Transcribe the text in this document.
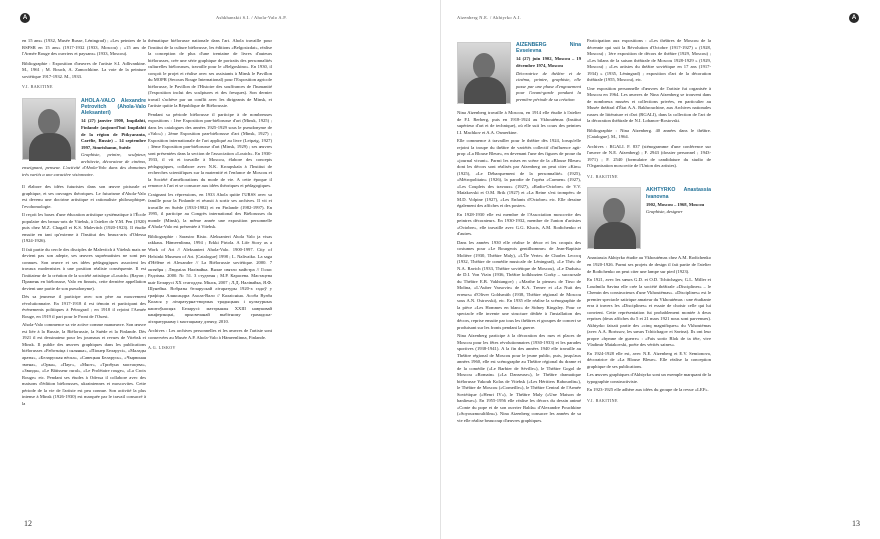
A	Ashkhanskii S.I. / Ahola-Valo A.P.

en 15 ans» (1932, Musée Russe, Léningrad) ; «Les peintres de la RSFSR en 15 ans» (1917-1932 (1933, Moscou) ; «15 ans de l'Armée Rouge des ouvriers et paysans» (1933, Moscou).

Bibliographie : Exposition d'œuvres de l'artiste S.I. Adlivankine. M., 1961 ; M. Bouch, A. Zamochkine. La voie de la peinture soviétique 1917-1932. M., 1933.

V.I. RAKITINE
AHOLA-VALO Alexandre Petrovitch (Ahola-Valo Aleksanteri)
14 (27) janvier 1900, Impilahti, Finlande (aujourd'hui Impilahti de la région de Pitkyaranta, Carélie, Russie) – 14 septembre 1997, Simrishamn, Suède
Graphiste, peintre, sculpteur, architecte, décorateur de cinéma, enseignant, penseur. L'activité d'Ahola-Valo dans des domaines très variés a une caractère visionnaire.

Il élabore des idées futuristes dans son œuvre picturale et graphique, et ses ouvrages théoriques. Le futurisme d'Ahola-Valo est devenu une doctrine artistique et rationaliste philosophique, l'evohomologie.

Il reçoit les bases d'une éducation artistique systématique à l'École populaire des beaux-arts de Vitebsk, à l'atelier de Y.M. Pen (1920) puis chez M.Z. Chagall et K.S. Malevitch (1920-1923). Il étudie ensuite en tant qu'externe à l'Institut des beaux-arts d'Odessa (1924-1926).

Il fait partie du cercle des disciples de Malevitch à Vitebsk mais ne devient pas son adepte, ses œuvres suprématistes ne sont pas connues. Son œuvre et ses idées pédagogiques associent les travaux modernistes à une position réaliste conséquente. Il est l'initiateur de la création de la société artistique «Loutch» (Rayon ; Прамень en biélorusse, Valo en finnois, cette dernière appellation devient une partie de son pseudonyme).

Dès sa jeunesse il participe avec son père au mouvement révolutionnaire. En 1917-1918 il est témoin et participant des événements politiques à Pétrograd ; en 1918 il rejoint l'Armée Rouge, en 1919 il part pour le Front de l'Ouest.

Ahola-Valo commence sa vie active comme manœuvre. Son œuvre est liée à la Russie, la Biélorussie, la Suède et la Finlande. Dès 1921 il est dessinateur pour les journaux et revues de Vitebsk et Minsk. Il publie des œuvres graphiques dans les publications biélorusses «Работніца і сялянка», «Піонер Беларусі», «Малады араты», «Беларуская вёска», «Савецкая Беларусь», «Чырвоная змена», «Орка», «Пауг», «Мяот», «Трибуна мастацтва», «Звязда», «Le Bâtisseur rural», «Le Prolétaire rouge», «La Croix Rouge» etc. Pendant ses études à Odessa il collabore avec des maisons d'édition biélorusses, ukrainiennes et moscovites. Cette période de la vie de l'artiste est peu connue. Son activité la plus intense à Minsk (1926-1930) est marquée par le travail consacré à la

thématique biélorusse nationale dans l'art. Ahola travaille pour l'institut de la culture biélorusse, les éditions «Belgosizdat», réalise la conception de plus d'une trentaine de livres d'auteurs biélorusses, crée une série graphique de portraits des personnalités culturelles biélorusses, travaille pour le «Belgoskino». En 1930, il conçoit le projet et réalise avec ses assistants à Minsk le Pavillon du MOPR (Secours Rouge International) pour l'Exposition agricole biélorusse, le Pavillon de l'Histoire des souffrances de l'humanité (l'exposition inclut des sculptures et des fresques). Son dernier travail s'achève par un conflit avec les dirigeants de Minsk, et l'artiste quitte la République de Biélorussie.

Pendant sa période biélorusse il participe à de nombreuses expositions : 1ère Exposition pan-biélorusse d'art (Minsk, 1925) ; dans les catalogues des années 1925-1929 sous le pseudonyme de «Valo») ; 2ème Exposition pan-biélorusse d'art (Minsk, 1927) ; Exposition internationale de l'art appliqué au livre (Leipzig, 1927) ; 3ème Exposition pan-biélorusse d'art (Minsk, 1929) ; ses œuvres sont présentées dans la section de l'association «Loutch». En 1930-1933, il vit et travaille à Moscou, élabore des concepts pédagogiques, collabore avec N.K. Kroupskaïa à l'Institut de recherches scientifiques sur la maternité et l'enfance de Moscou et la Société d'améliorations du mode de vie. A cette époque il renonce à l'art et se consacre aux idées théoriques et pédagogiques.

Craignant les répressions, en 1933 Ahola quitte l'URSS avec sa famille pour la Finlande et réussit à sortir ses archives. Il vit et travaille en Suède (1933-1982) et en Finlande (1982-1997). En 1995, il participe au Congrès international des Biélorusses du monde (Minsk), la même année une exposition personnelle d'Ahola-Valo est présentée à Vitebsk.

Bibliographie : Sarastro Risto. Aleksanteri Ahola Valo ja visas rakkaus. Hämeenlinna, 1994 ; Erkki Pirtola. A Life Story as a Work of Art // Aleksanteri Ahola-Valo. 1900-1997. City of Helsinki Museum of Art. [Catalogue] 1998 ; L. Nalivaiko. La saga d'Hélène et Alexandre // La Biélorussie soviétique. 2000. 7 октября ; Людміла Налівайка. Вялае святло майстра // Голас Радзімы. 2000. № 51. 3 студзеня ; М.Р. Карасева. Мастацтва кніг Беларусі XX стагоддзя. Мінск, 2007 ; Л.Д. Налівайка, Я.Ф. Шунейка. Вобразы беларускай літаратуры 1920-х гадоў у графіцы Аляксандра Ахола-Вало // Калаісніна. Асоба Вуаба Колася у літаратурна-творчых традыцыях і культурных каштоўнасцях Беларусі: матэрыялы XXIII навуковай канферэнцыі, прысвечанай выбітному грамадска-літаратурнаму і мастацкаму дзеячу, 2010.

Archives : Les archives personnelles et les œuvres de l'artiste sont conservées au Musée A.P. Ahola-Valo à Hämeenlinna, Finlande.

A.G. LISKOV
12
Aïzenberg N.E. / Akhtyrko A.I.	A
AÏZENBERG Nina Evseievna
14 (27) juin 1902, Moscou – 19 décembre 1974, Moscou
Décoratrice de théâtre et de cinéma, peintre, graphiste, elle passe par une phase d'engouement pour l'avant-garde pendant la première période de sa création

Nina Aïzenberg travaille à Moscou, en 1914 elle étudie à l'atelier de F.I. Rerberg, puis en 1918-1924 au Vkhoutémas (Institut supérieur d'art et de technique), où elle suit les cours des peintres I.I. Machkov et A.A. Osmerkine.

Elle commence à travailler pour le théâtre dès 1924, lorsqu'elle rejoint la troupe du théâtre de variétés collectif d'influence agit-prop «La Blouse Bleue», en devenant l'une des figures de proue du «journal vivant». Parmi les mises en scène de la «Blouse Bleue» dont les décors sont réalisés par Aïzenberg on peut citer «Kim» (1925), «Le Débarquement de la personnalité» (1925), «Métropolitain» (1926), la parodie de l'opéra «Carmen» (1927), «Les Couplets des travaux» (1927), «Radio-Octobre» de V.V. Maïakovski et O.M. Brik (1927) et «La Reine s'est trompée» de M.D. Volpine (1927), «Les Enfants d'Octobre» etc. Elle dessine également des affiches et des posters.

En 1928-1930 elle est membre de l'Association moscovite des peintres décorateurs. En 1930-1932, membre de l'union d'artistes «Octobre», elle travaille avec G.G. Klucis, A.M. Rodtchenko et d'autres.

Dans les années 1930 elle réalise le décor et les croquis des costumes pour «Le Bourgeois gentilhomme» de Jean-Baptiste Molière (1930, Théâtre Maly), «L'Île Verte» de Charles Lecocq (1932, Théâtre de comédie musicale de Léningrad), «Le Thé» de N.A. Ravich (1933, Théâtre soviétique de Moscou), «Le Duduis» de D.I. Von Vizin (1936, Théâtre kolkhozien Gorky – succursale du Théâtre E.B. Vakhtangov) ; «Marthe la pieuse» de Tirso de Molina, «L'Auber Varsovie» de K.A. Trenev et «La Nuit des erreurs» d'Oliver Goldsmith (1938, Théâtre régional de Moscou sous A.N. Ostrovski), etc. En 1935 elle réalise la scénographie de la pièce «Les Hommes en blanc» de Sidney Kingsley. Pour ce spectacle elle invente une structure dédiée à l'installation des décors, reprise ensuite par tous les théâtres et groupes de concert se produisant sur les fronts pendant la guerre.

Nina Aïzenberg participe à la décoration des rues et places de Moscou pour les fêtes révolutionnaires (1930-1933) et les parades sportives (1938-1941). A la fin des années 1940 elle travaille au Théâtre régional de Moscou pour le jeune public, puis, jusqu'aux années 1960, elle est scénographe au Théâtre régional du drame et de la comédie («Le Barbier de Séville»), le Théâtre Gogol de Moscou «Romain» («La Danseuse»), le Théâtre dramatique biélorusse Yakoub Kolas de Vitebsk («Les Héritiers Rabourdin»), le Théâtre de Moscou («Corneille»), le Théâtre Central de l'Armée Soviétique («Henri IV»), le Théâtre Maly («Une Maison de banlieue»). En 1955-1956 elle réalise les décors du dessin animé «Conte du pope et de son ouvrier Balda» d'Alexandre Pouchkine («Soyouzmoultfilm»). Nina Aïzenberg consacre les années de sa vie elle réalise beaucoup d'œuvres graphiques.

Participation aux expositions : «Les théâtres de Moscou de la décennie qui suit la Révolution d'Octobre (1917-1927) » (1928, Moscou) ; 1ère exposition de décors de théâtre (1929, Moscou) ; «Les bilans de la saison théâtrale de Moscou 1928-1929 » (1929, Moscou) ; «Les artistes du théâtre soviétique en 17 ans (1917-1934) » (1935, Léningrad) ; exposition d'art de la décoration théâtrale (1955, Moscou), etc.

Une exposition personnelle d'œuvres de l'artiste fut organisée à Moscou en 1964. Les œuvres de Nina Aïzenberg se trouvent dans de nombreux musées et collections privées, en particulier au Musée théâtral d'État A.A. Bakhrouchine, aux Archives nationales russes de littérature et d'art (RGALI), dans la collection de l'art de la décoration théâtrale de N.I. Lobanov-Rostovski.

Bibliographie : Nina Aïzenberg. 40 années dans le théâtre. [Catalogue]. M., 1964.

Archives : RGALI. F. 837 (sténogramme d'une conférence sur l'œuvre de N.E. Aïzenberg) ; F. 2943 (dossier personnel ; 1943-1971) ; F. 2540 (formulaire de candidature du studio de l'Organisation moscovite de l'Union des artistes).

V.I. RAKITINE
AKHTYRKO Anastassia Ivanovna
1902, Moscou – 1968, Moscou
Graphiste, designer

Anastassia Akhtyrko étudie au Vkhoutémas chez A.M. Rodtchenko en 1920-1926. Parmi ses projets de design il fait partie de l'atelier de Rodtchenko on peut citer une lampe sur pied (1923).

En 1921, avec les sœurs G.D. et O.D. Tchitchagov, G.L. Miller et Loudmila Savina elle crée la société théâtrale «Disciplines» – le Chemin des constructeurs d'une Vkhoutémas». «Disciplines» est le premier spectacle satirique amateur du Vkhoutémas : une étudiante erra à travers les «Disciplines» et essaie de choisir celle qui lui convient. Cette représentation fut probablement montée à deux reprises (deux affiches du 5 et 21 mars 1921 nous sont parvenues). Akhtyrko faisait partie des «cinq magnifiques» du Vkhoutémas (avec A.A. Borissov, les sœurs Tchitchagov et Savina). Ils ont leur propre «hymne de guerre» : «Fais sortir Blok de ta tête, vive Vladimir Maïakovski, poète des vérités saines».

En 1924-1928 elle est, avec N.E. Aïzenberg et E.V. Semionova, décoratrice de «La Blouse Bleue». Elle réalise la conception graphique de ses publications.

Les œuvres graphiques d'Akhtyrko sont un exemple marquant de la typographie constructiviste.

En 1923-1925 elle adhère aux idées du groupe de la revue «LEF».

V.I. RAKITINE
13
